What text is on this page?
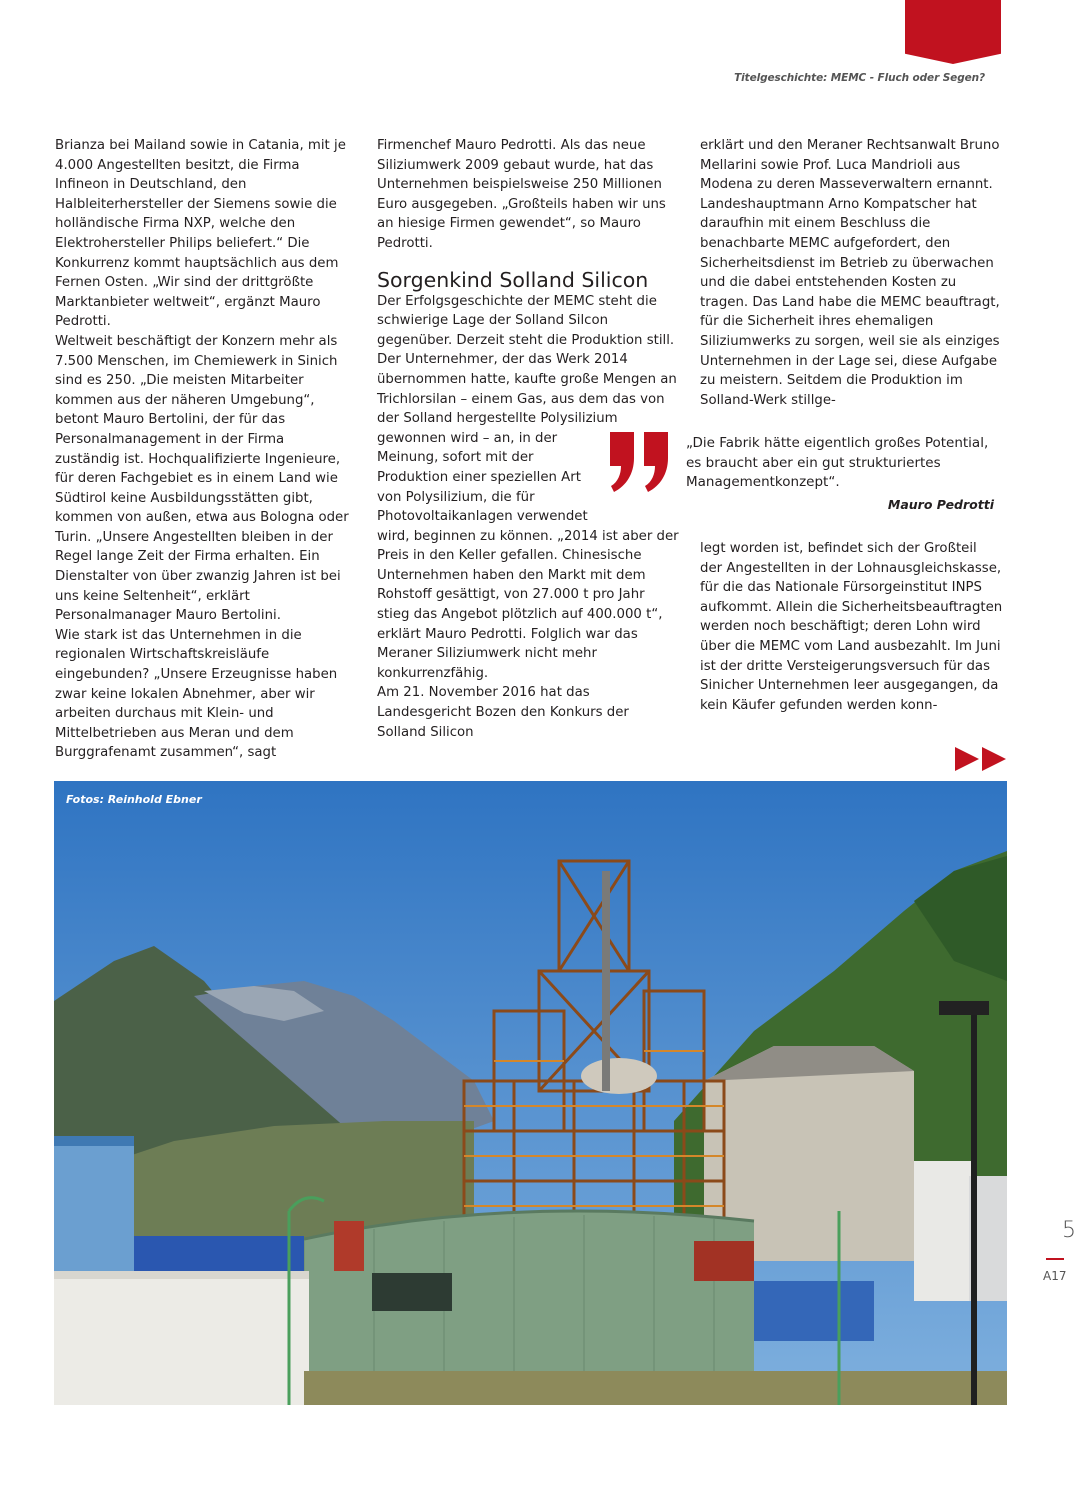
Titelgeschichte: MEMC - Fluch oder Segen?

Brianza bei Mailand sowie in Catania, mit je 4.000 Angestellten besitzt, die Firma Infineon in Deutschland, den Halbleiterhersteller der Siemens sowie die holländische Firma NXP, welche den Elektrohersteller Philips beliefert.“ Die Konkurrenz kommt hauptsächlich aus dem Fernen Osten. „Wir sind der drittgrößte Marktanbieter weltweit“, ergänzt Mauro Pedrotti.

Weltweit beschäftigt der Konzern mehr als 7.500 Menschen, im Chemiewerk in Sinich sind es 250. „Die meisten Mitarbeiter kommen aus der näheren Umgebung“, betont Mauro Bertolini, der für das Personalmanagement in der Firma zuständig ist. Hochqualifizierte Ingenieure, für deren Fachgebiet es in einem Land wie Südtirol keine Ausbildungsstätten gibt, kommen von außen, etwa aus Bologna oder Turin. „Unsere Angestellten bleiben in der Regel lange Zeit der Firma erhalten. Ein Dienstalter von über zwanzig Jahren ist bei uns keine Seltenheit“, erklärt Personalmanager Mauro Bertolini.

Wie stark ist das Unternehmen in die regionalen Wirtschaftskreisläufe eingebunden? „Unsere Erzeugnisse haben zwar keine lokalen Abnehmer, aber wir arbeiten durchaus mit Klein- und Mittelbetrieben aus Meran und dem Burggrafenamt zusammen“, sagt

Firmenchef Mauro Pedrotti. Als das neue Siliziumwerk 2009 gebaut wurde, hat das Unternehmen beispielsweise 250 Millionen Euro ausgegeben. „Großteils haben wir uns an hiesige Firmen gewendet“, so Mauro Pedrotti.

Sorgenkind Solland Silicon

Der Erfolgsgeschichte der MEMC steht die schwierige Lage der Solland Silcon gegenüber. Derzeit steht die Produktion still. Der Unternehmer, der das Werk 2014 übernommen hatte, kaufte große Mengen an Trichlorsilan – einem Gas, aus dem das von der Solland hergestellte Polysilizium

gewonnen wird – an, in der Meinung, sofort mit der Produktion einer speziellen Art von Polysilizium, die für Photovoltaikanlagen verwendet

wird, beginnen zu können. „2014 ist aber der Preis in den Keller gefallen. Chinesische Unternehmen haben den Markt mit dem Rohstoff gesättigt, von 27.000 t pro Jahr stieg das Angebot plötzlich auf 400.000 t“, erklärt Mauro Pedrotti. Folglich war das Meraner Siliziumwerk nicht mehr konkurrenzfähig.

Am 21. November 2016 hat das Landesgericht Bozen den Konkurs der Solland Silicon

erklärt und den Meraner Rechtsanwalt Bruno Mellarini sowie Prof. Luca Mandrioli aus Modena zu deren Masseverwaltern ernannt. Landeshauptmann Arno Kompatscher hat daraufhin mit einem Beschluss die benachbarte MEMC aufgefordert, den Sicherheitsdienst im Betrieb zu überwachen und die dabei entstehenden Kosten zu tragen. Das Land habe die MEMC beauftragt, für die Sicherheit ihres ehemaligen Siliziumwerks zu sorgen, weil sie als einziges Unternehmen in der Lage sei, diese Aufgabe zu meistern. Seitdem die Produktion im Solland-Werk stillge-

„Die Fabrik hätte eigentlich großes Potential, es braucht aber ein gut strukturiertes Managementkonzept“.
Mauro Pedrotti

legt worden ist, befindet sich der Großteil der Angestellten in der Lohnausgleichskasse, für die das Nationale Fürsorgeinstitut INPS aufkommt. Allein die Sicherheitsbeauftragten werden noch beschäftigt; deren Lohn wird über die MEMC vom Land ausbezahlt. Im Juni ist der dritte Versteigerungsversuch für das Sinicher Unternehmen leer ausgegangen, da kein Käufer gefunden werden konn-

Fotos: Reinhold Ebner
5
A17
